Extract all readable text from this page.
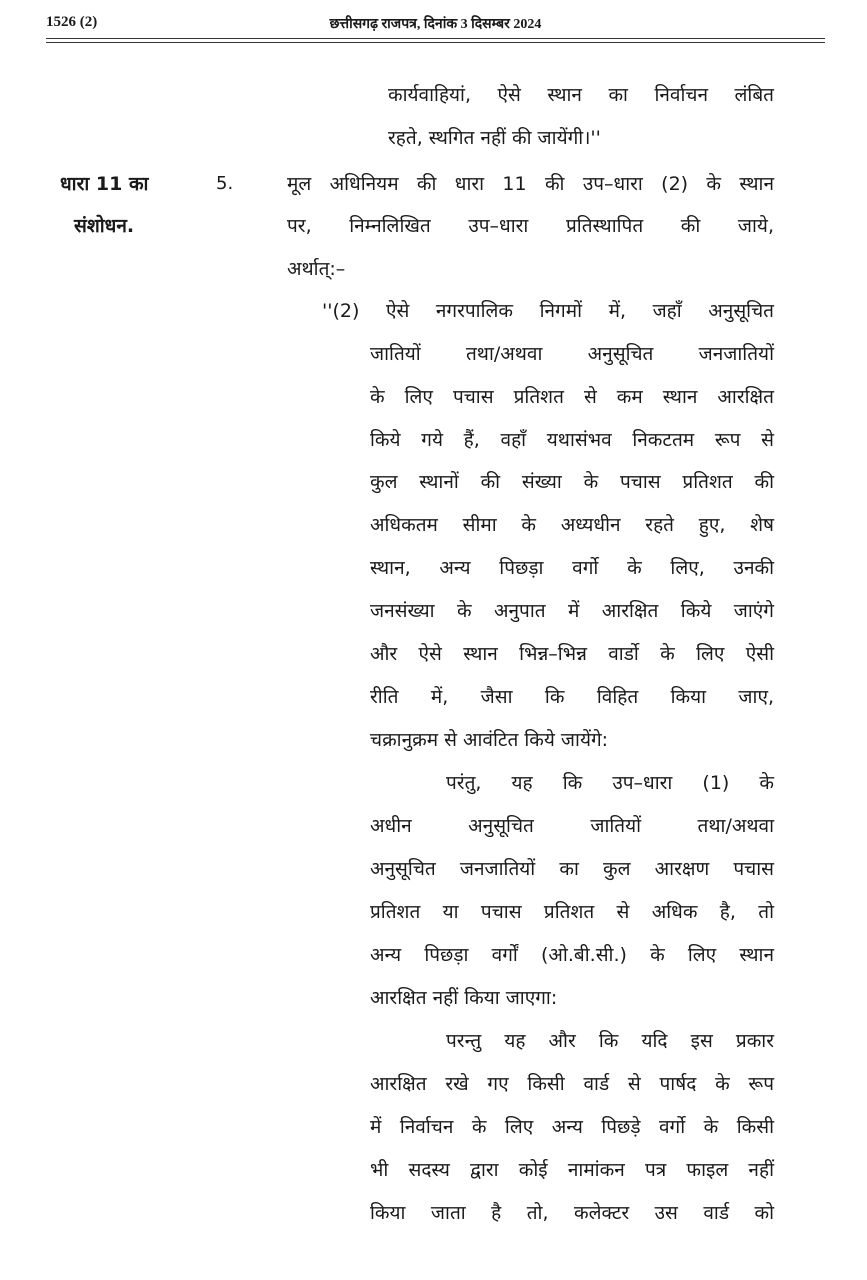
1526 (2)	छत्तीसगढ़ राजपत्र, दिनांक 3 दिसम्बर 2024
धारा 11 का
संशोधन.
5.
कार्यवाहियां, ऐसे स्थान का निर्वाचन लंबित
रहते, स्थगित नहीं की जायेंगी।''
मूल अधिनियम की धारा 11 की उप–धारा (2) के स्थान
पर, निम्नलिखित उप–धारा प्रतिस्थापित की जाये,
अर्थात्:–
''(2) ऐसे नगरपालिक निगमों में, जहाँ अनुसूचित
जातियों तथा/अथवा अनुसूचित जनजातियों
के लिए पचास प्रतिशत से कम स्थान आरक्षित
किये गये हैं, वहाँ यथासंभव निकटतम रूप से
कुल स्थानों की संख्या के पचास प्रतिशत की
अधिकतम सीमा के अध्यधीन रहते हुए, शेष
स्थान, अन्य पिछड़ा वर्गो के लिए, उनकी
जनसंख्या के अनुपात में आरक्षित किये जाएंगे
और ऐसे स्थान भिन्न–भिन्न वार्डो के लिए ऐसी
रीति में, जैसा कि विहित किया जाए,
चक्रानुक्रम से आवंटित किये जायेंगे:
परंतु, यह कि उप–धारा (1) के
अधीन अनुसूचित जातियों तथा/अथवा
अनुसूचित जनजातियों का कुल आरक्षण पचास
प्रतिशत या पचास प्रतिशत से अधिक है, तो
अन्य पिछड़ा वर्गों (ओ.बी.सी.) के लिए स्थान
आरक्षित नहीं किया जाएगा:
परन्तु यह और कि यदि इस प्रकार
आरक्षित रखे गए किसी वार्ड से पार्षद के रूप
में निर्वाचन के लिए अन्य पिछड़े वर्गो के किसी
भी सदस्य द्वारा कोई नामांकन पत्र फाइल नहीं
किया जाता है तो, कलेक्टर उस वार्ड को
